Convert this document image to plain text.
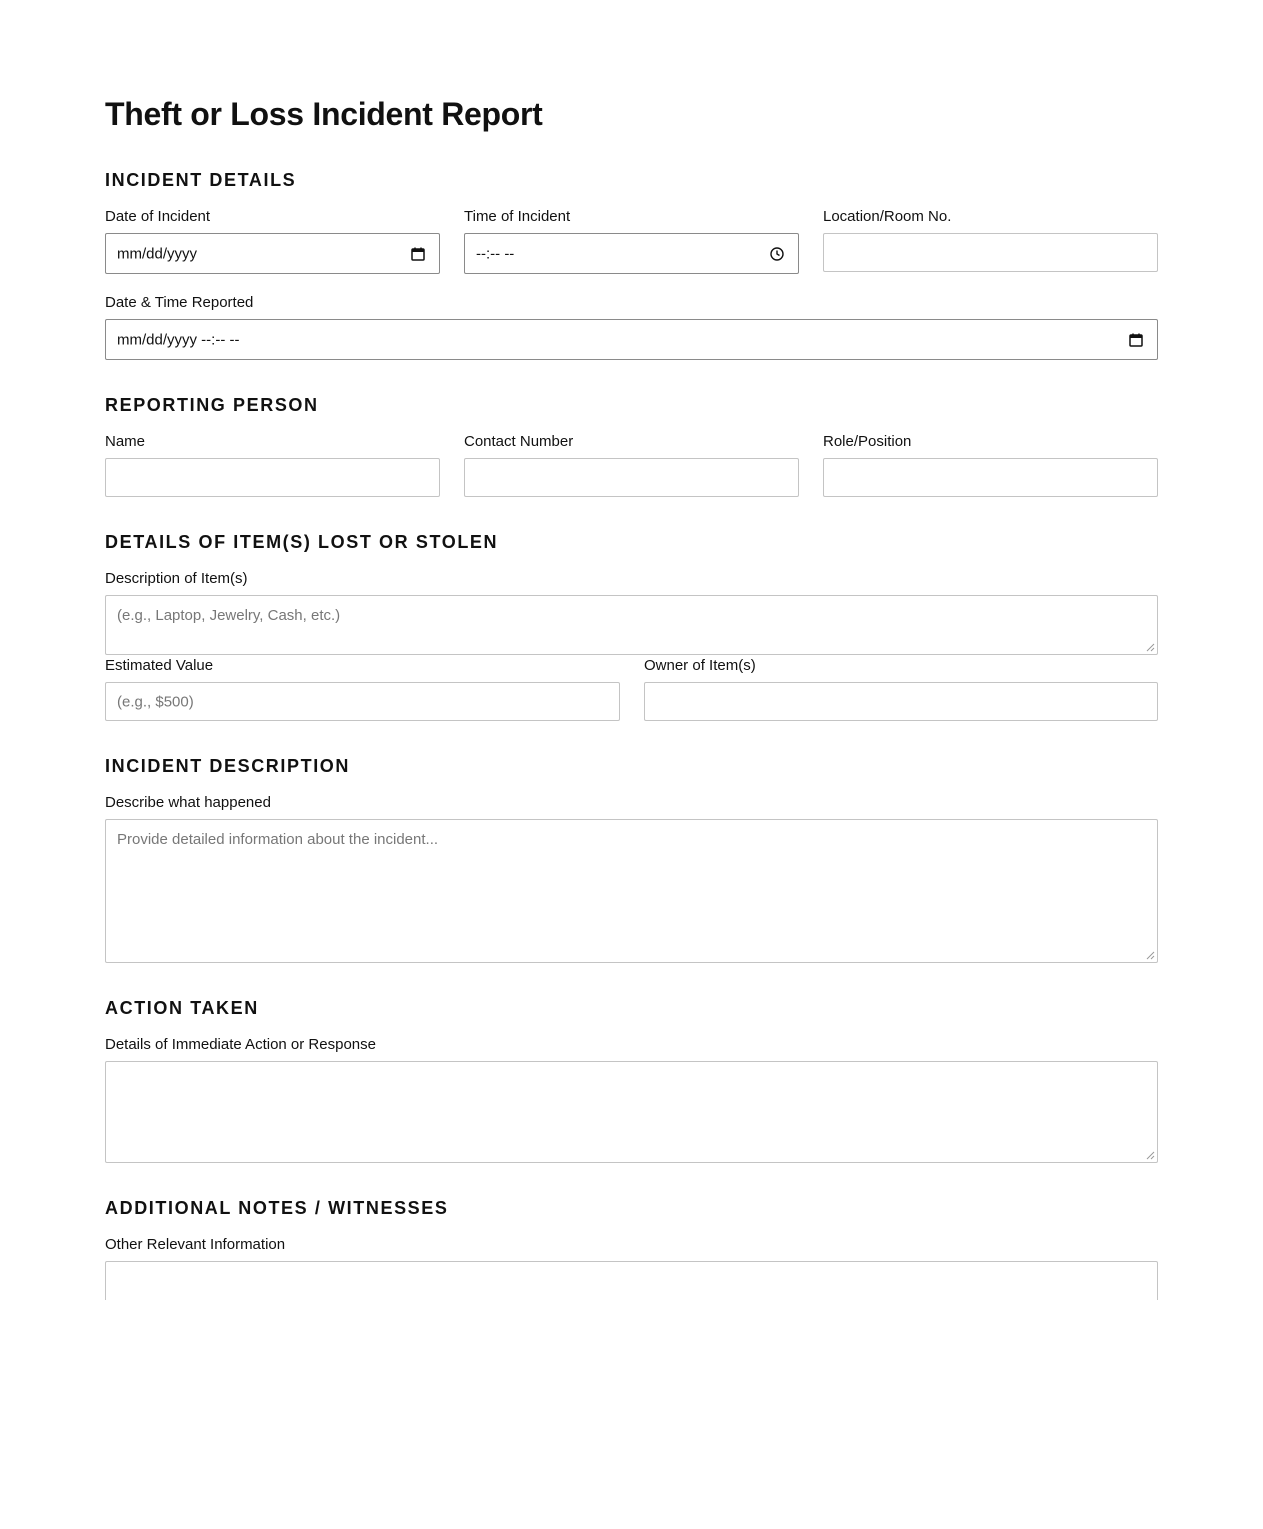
Theft or Loss Incident Report
INCIDENT DETAILS
Date of Incident
mm/dd/yyyy
Time of Incident
--:-- --
Location/Room No.
Date & Time Reported
mm/dd/yyyy --:-- --
REPORTING PERSON
Name	Contact Number	Role/Position
DETAILS OF ITEM(S) LOST OR STOLEN
Description of Item(s)
(e.g., Laptop, Jewelry, Cash, etc.)
Estimated Value
(e.g., $500)
Owner of Item(s)
INCIDENT DESCRIPTION
Describe what happened
Provide detailed information about the incident...
ACTION TAKEN
Details of Immediate Action or Response
ADDITIONAL NOTES / WITNESSES
Other Relevant Information
